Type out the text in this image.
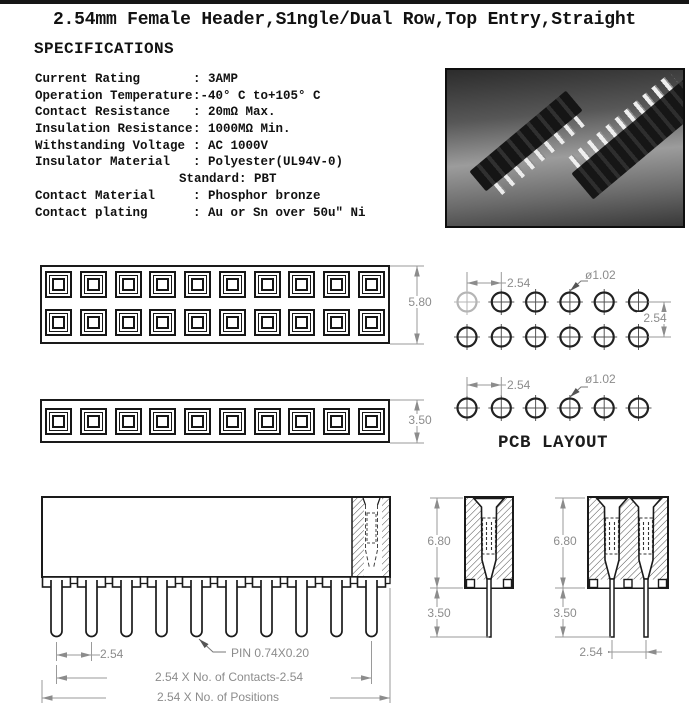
2.54mm Female Header,S1ngle/Dual Row,Top Entry,Straight
SPECIFICATIONS
Current Rating	: 3AMP
Operation Temperature :-40° C to+105° C
Contact Resistance	: 20mΩ Max.
Insulation Resistance : 1000MΩ Min.
Withstanding Voltage : AC 1000V
Insulator Material	: Polyester(UL94V-0)
Standard: PBT
Contact Material	: Phosphor bronze
Contact plating	: Au or Sn over 50u" Ni
5.80
3.50
2.54
ø1.02
2.54
2.54	ø1.02
PCB LAYOUT
2.54	PIN 0.74X0.20
2.54 X No. of Contacts-2.54
2.54 X No. of Positions
6.80
3.50
6.80
3.50
2.54
